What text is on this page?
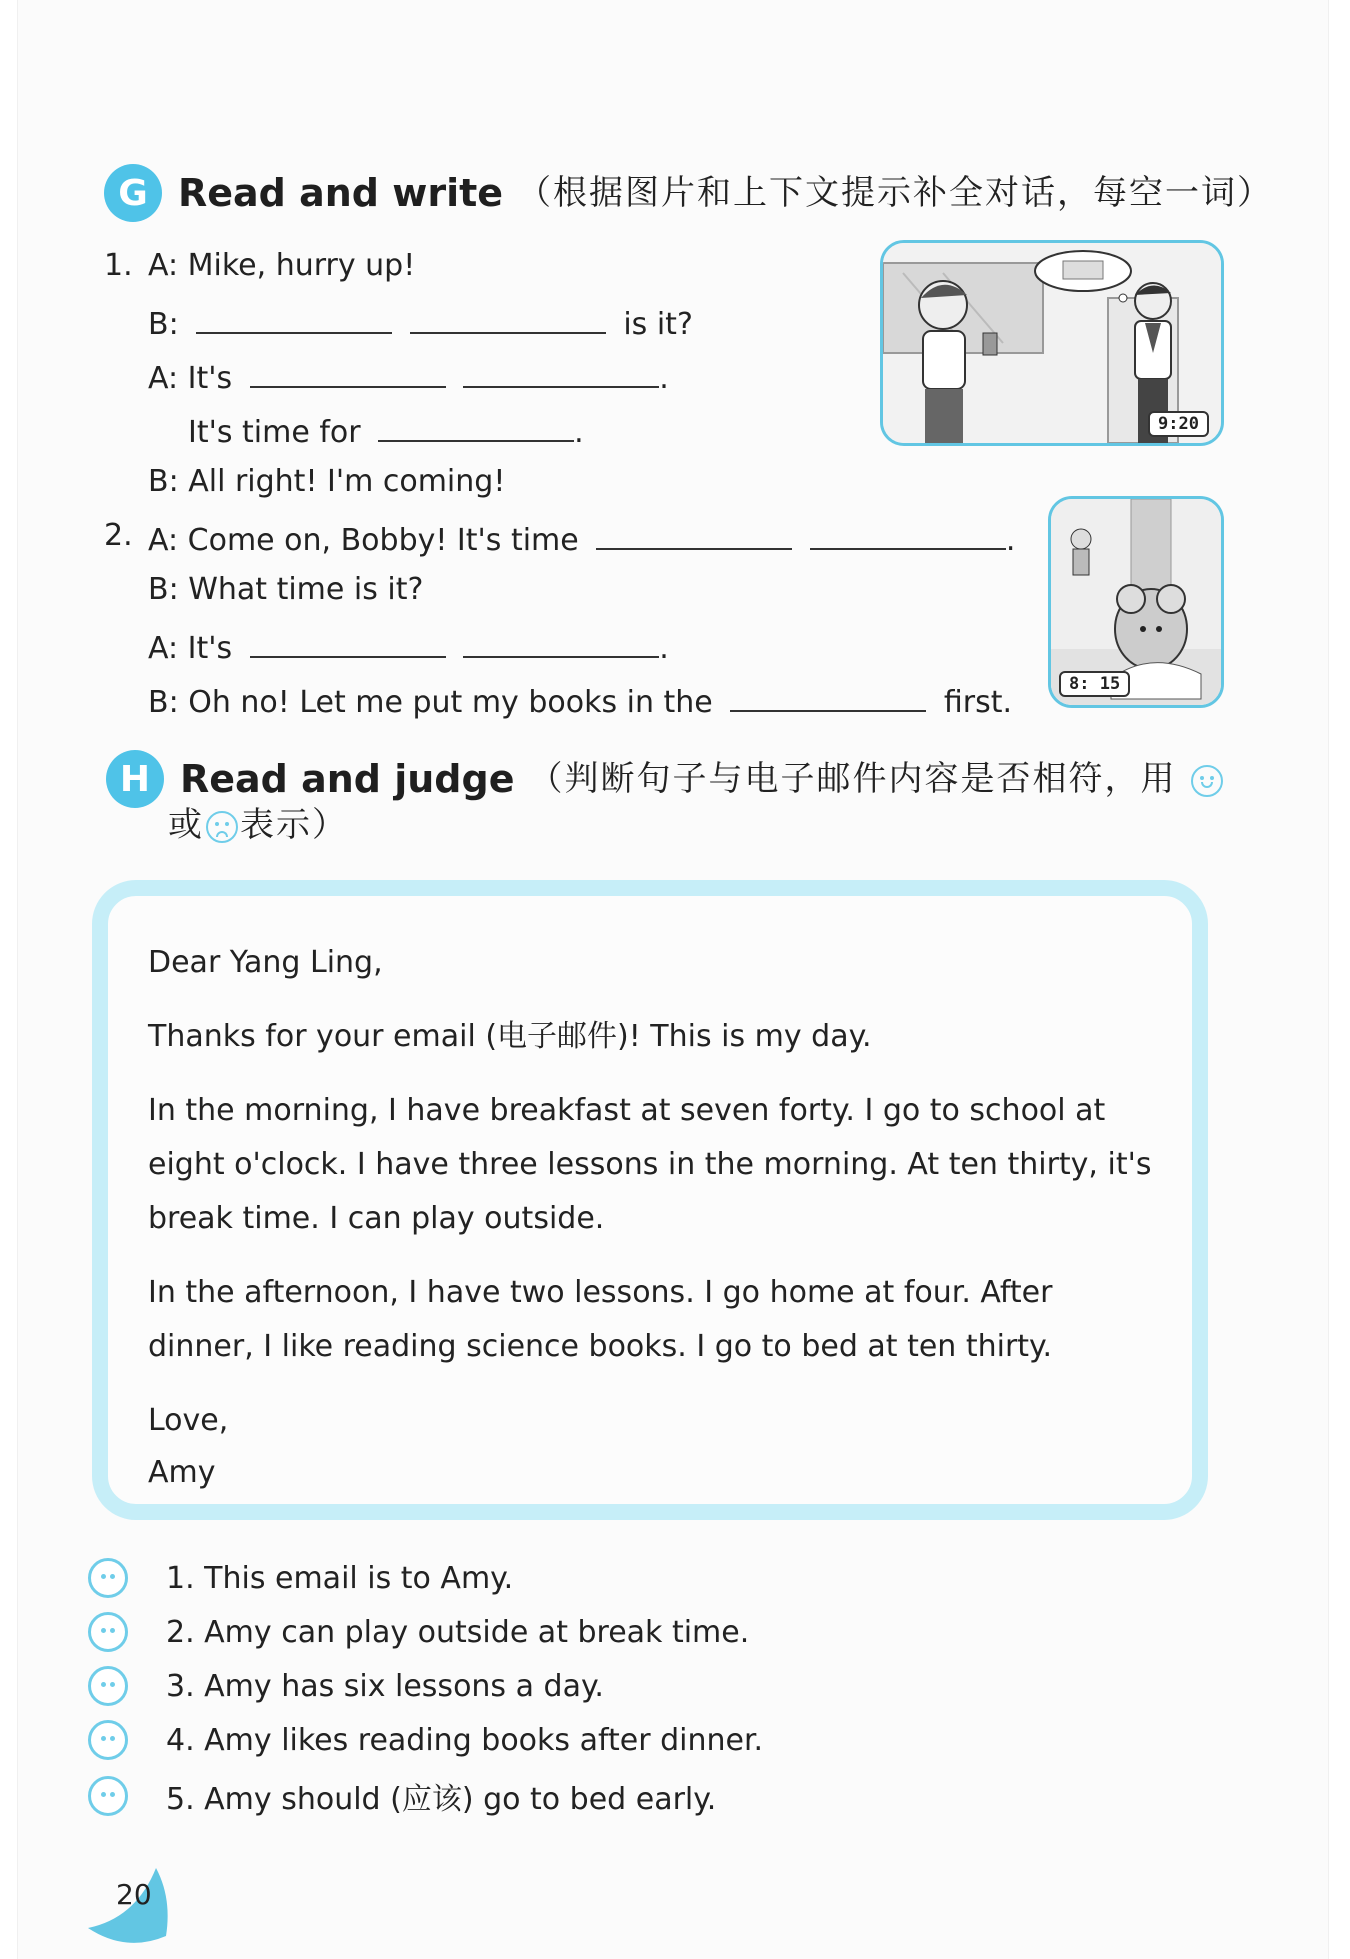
G Read and write （根据图片和上下文提示补全对话，每空一词）
1. A: Mike, hurry up!
B:	is it?
A: It's	.
It's time for	.
B: All right! I'm coming!
9:20
2. A: Come on, Bobby! It's time	.
B: What time is it?
A: It's	.
B: Oh no! Let me put my books in the	first.
8: 15
H Read and judge （判断句子与电子邮件内容是否相符，用
或 表示）

Dear Yang Ling,

Thanks for your email (电子邮件)! This is my day.

In the morning, I have breakfast at seven forty. I go to school at eight o'clock. I have three lessons in the morning. At ten thirty, it's break time. I can play outside.

In the afternoon, I have two lessons. I go home at four. After dinner, I like reading science books. I go to bed at ten thirty.

Love,

Amy

1. This email is to Amy.
2. Amy can play outside at break time.
3. Amy has six lessons a day.
4. Amy likes reading books after dinner.
5. Amy should (应该) go to bed early.
20
